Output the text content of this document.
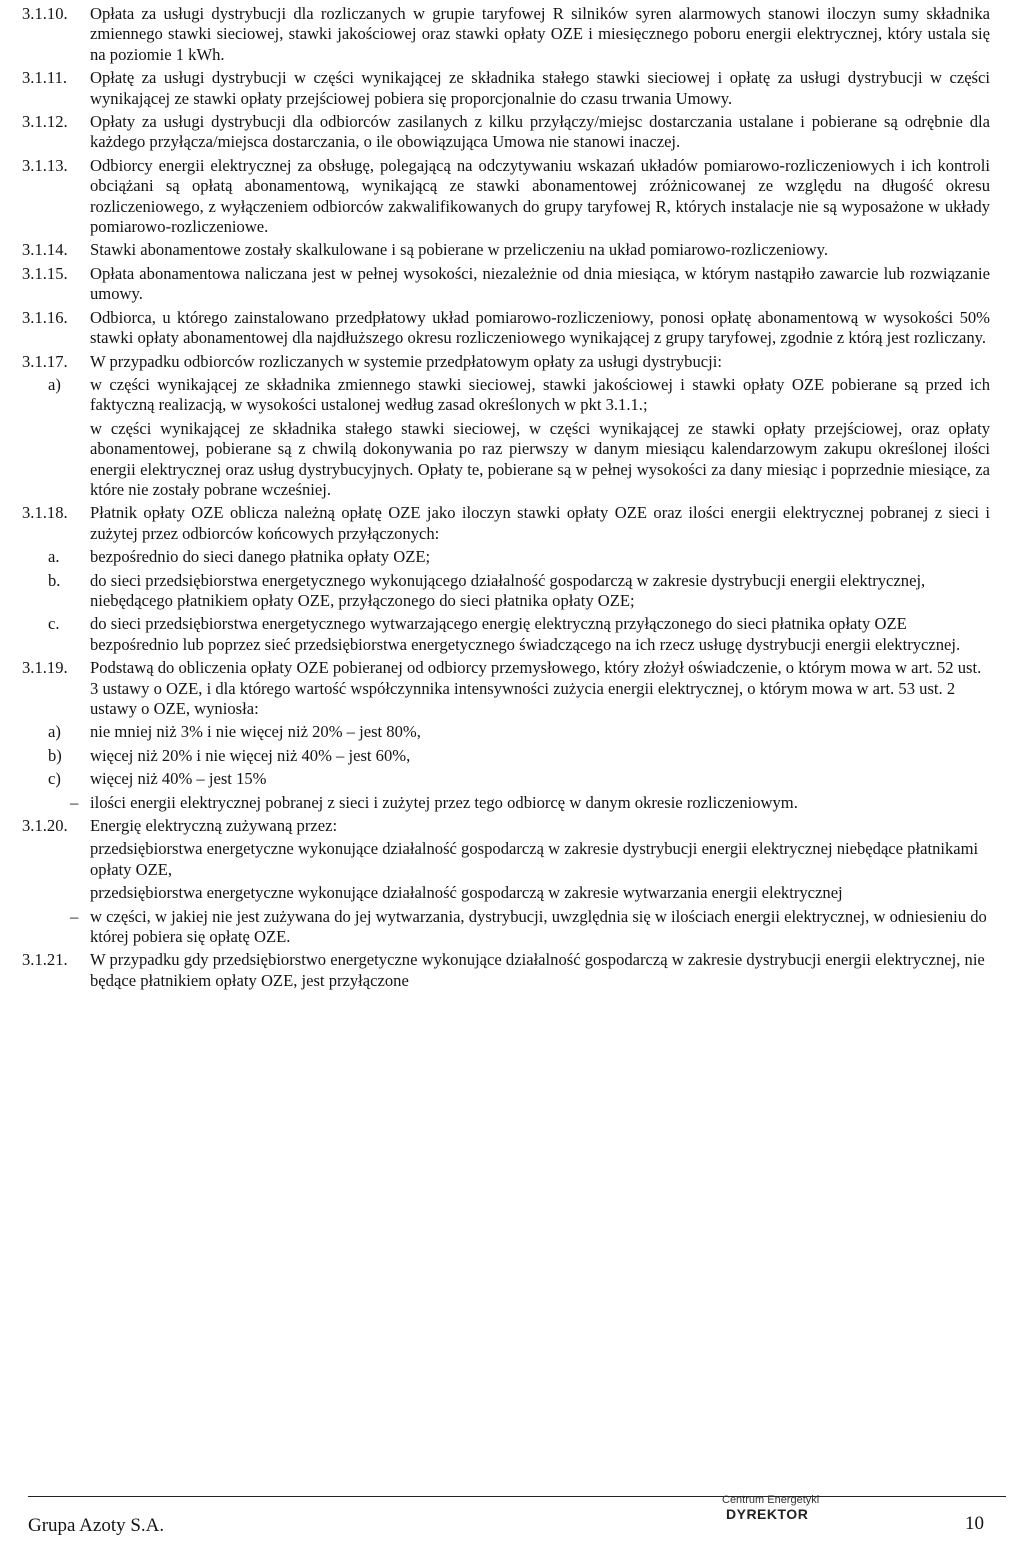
3.1.10. Opłata za usługi dystrybucji dla rozliczanych w grupie taryfowej R silników syren alarmowych stanowi iloczyn sumy składnika zmiennego stawki sieciowej, stawki jakościowej oraz stawki opłaty OZE i miesięcznego poboru energii elektrycznej, który ustala się na poziomie 1 kWh.
3.1.11. Opłatę za usługi dystrybucji w części wynikającej ze składnika stałego stawki sieciowej i opłatę za usługi dystrybucji w części wynikającej ze stawki opłaty przejściowej pobiera się proporcjonalnie do czasu trwania Umowy.
3.1.12. Opłaty za usługi dystrybucji dla odbiorców zasilanych z kilku przyłączy/miejsc dostarczania ustalane i pobierane są odrębnie dla każdego przyłącza/miejsca dostarczania, o ile obowiązująca Umowa nie stanowi inaczej.
3.1.13. Odbiorcy energii elektrycznej za obsługę, polegającą na odczytywaniu wskazań układów pomiarowo-rozliczeniowych i ich kontroli obciążani są opłatą abonamentową, wynikającą ze stawki abonamentowej zróżnicowanej ze względu na długość okresu rozliczeniowego, z wyłączeniem odbiorców zakwalifikowanych do grupy taryfowej R, których instalacje nie są wyposażone w układy pomiarowo-rozliczeniowe.
3.1.14. Stawki abonamentowe zostały skalkulowane i są pobierane w przeliczeniu na układ pomiarowo-rozliczeniowy.
3.1.15. Opłata abonamentowa naliczana jest w pełnej wysokości, niezależnie od dnia miesiąca, w którym nastąpiło zawarcie lub rozwiązanie umowy.
3.1.16. Odbiorca, u którego zainstalowano przedpłatowy układ pomiarowo-rozliczeniowy, ponosi opłatę abonamentową w wysokości 50% stawki opłaty abonamentowej dla najdłuższego okresu rozliczeniowego wynikającej z grupy taryfowej, zgodnie z którą jest rozliczany.
3.1.17. W przypadku odbiorców rozliczanych w systemie przedpłatowym opłaty za usługi dystrybucji:
a) w części wynikającej ze składnika zmiennego stawki sieciowej, stawki jakościowej i stawki opłaty OZE pobierane są przed ich faktyczną realizacją, w wysokości ustalonej według zasad określonych w pkt 3.1.1.;
w części wynikającej ze składnika stałego stawki sieciowej, w części wynikającej ze stawki opłaty przejściowej, oraz opłaty abonamentowej, pobierane są z chwilą dokonywania po raz pierwszy w danym miesiącu kalendarzowym zakupu określonej ilości energii elektrycznej oraz usług dystrybucyjnych. Opłaty te, pobierane są w pełnej wysokości za dany miesiąc i poprzednie miesiące, za które nie zostały pobrane wcześniej.
3.1.18. Płatnik opłaty OZE oblicza należną opłatę OZE jako iloczyn stawki opłaty OZE oraz ilości energii elektrycznej pobranej z sieci i zużytej przez odbiorców końcowych przyłączonych:
a. bezpośrednio do sieci danego płatnika opłaty OZE;
b. do sieci przedsiębiorstwa energetycznego wykonującego działalność gospodarczą w zakresie dystrybucji energii elektrycznej, niebędącego płatnikiem opłaty OZE, przyłączonego do sieci płatnika opłaty OZE;
c. do sieci przedsiębiorstwa energetycznego wytwarzającego energię elektryczną przyłączonego do sieci płatnika opłaty OZE bezpośrednio lub poprzez sieć przedsiębiorstwa energetycznego świadczącego na ich rzecz usługę dystrybucji energii elektrycznej.
3.1.19. Podstawą do obliczenia opłaty OZE pobieranej od odbiorcy przemysłowego, który złożył oświadczenie, o którym mowa w art. 52 ust. 3 ustawy o OZE, i dla którego wartość współczynnika intensywności zużycia energii elektrycznej, o którym mowa w art. 53 ust. 2 ustawy o OZE, wyniosła:
a) nie mniej niż 3% i nie więcej niż 20% – jest 80%,
b) więcej niż 20% i nie więcej niż 40% – jest 60%,
c) więcej niż 40% – jest 15%
– ilości energii elektrycznej pobranej z sieci i zużytej przez tego odbiorcę w danym okresie rozliczeniowym.
3.1.20. Energię elektryczną zużywaną przez:
przedsiębiorstwa energetyczne wykonujące działalność gospodarczą w zakresie dystrybucji energii elektrycznej niebędące płatnikami opłaty OZE,
przedsiębiorstwa energetyczne wykonujące działalność gospodarczą w zakresie wytwarzania energii elektrycznej
– w części, w jakiej nie jest zużywana do jej wytwarzania, dystrybucji, uwzględnia się w ilościach energii elektrycznej, w odniesieniu do której pobiera się opłatę OZE.
3.1.21. W przypadku gdy przedsiębiorstwo energetyczne wykonujące działalność gospodarczą w zakresie dystrybucji energii elektrycznej, nie będące płatnikiem opłaty OZE, jest przyłączone
Centrum Energetyki
DYREKTOR
Grupa Azoty S.A.	10
